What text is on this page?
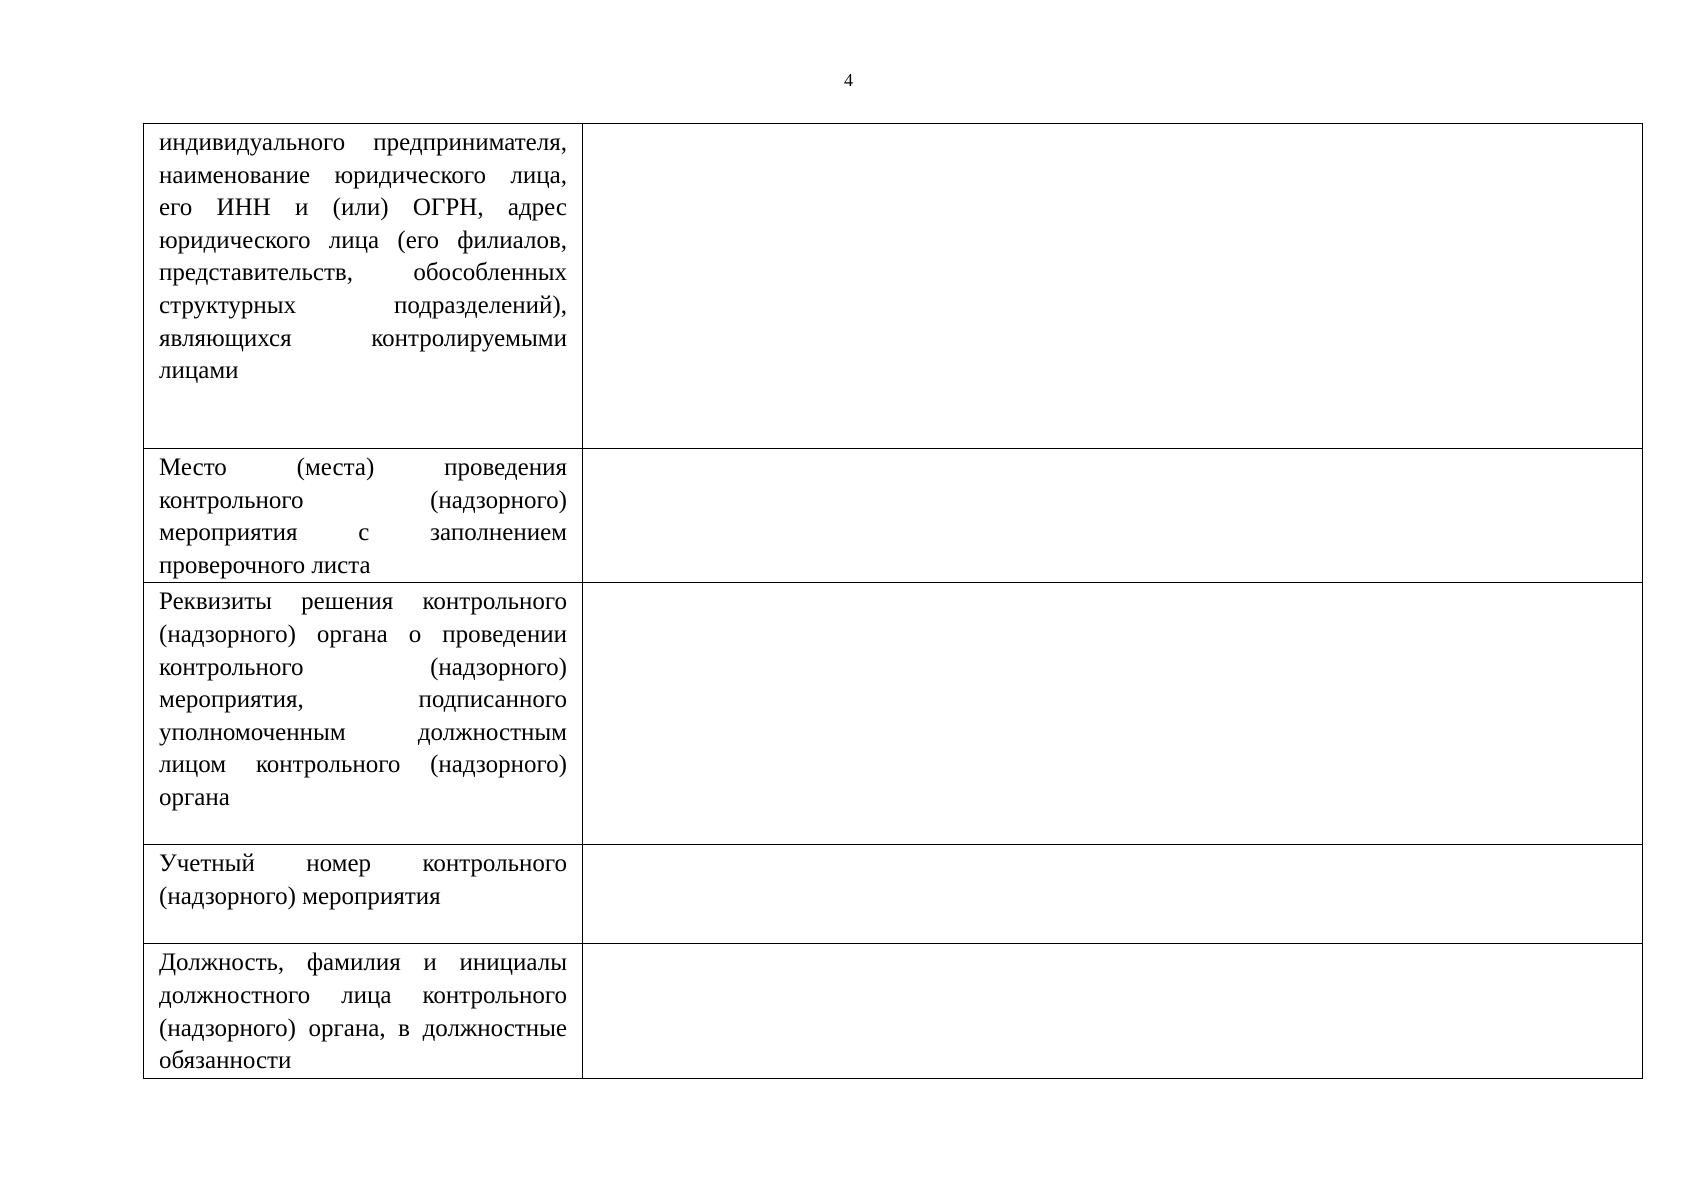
4
индивидуального предпринимателя, наименование юридического лица, его ИНН и (или) ОГРН, адрес юридического лица (его филиалов, представительств, обособленных структурных подразделений), являющихся контролируемыми лицами	

Место (места) проведения контрольного (надзорного) мероприятия с заполнением проверочного листа	

Реквизиты решения контрольного (надзорного) органа о проведении контрольного (надзорного) мероприятия, подписанного уполномоченным должностным лицом контрольного (надзорного) органа	

Учетный номер контрольного (надзорного) мероприятия	

Должность, фамилия и инициалы должностного лица контрольного (надзорного) органа, в должностные обязанности	
